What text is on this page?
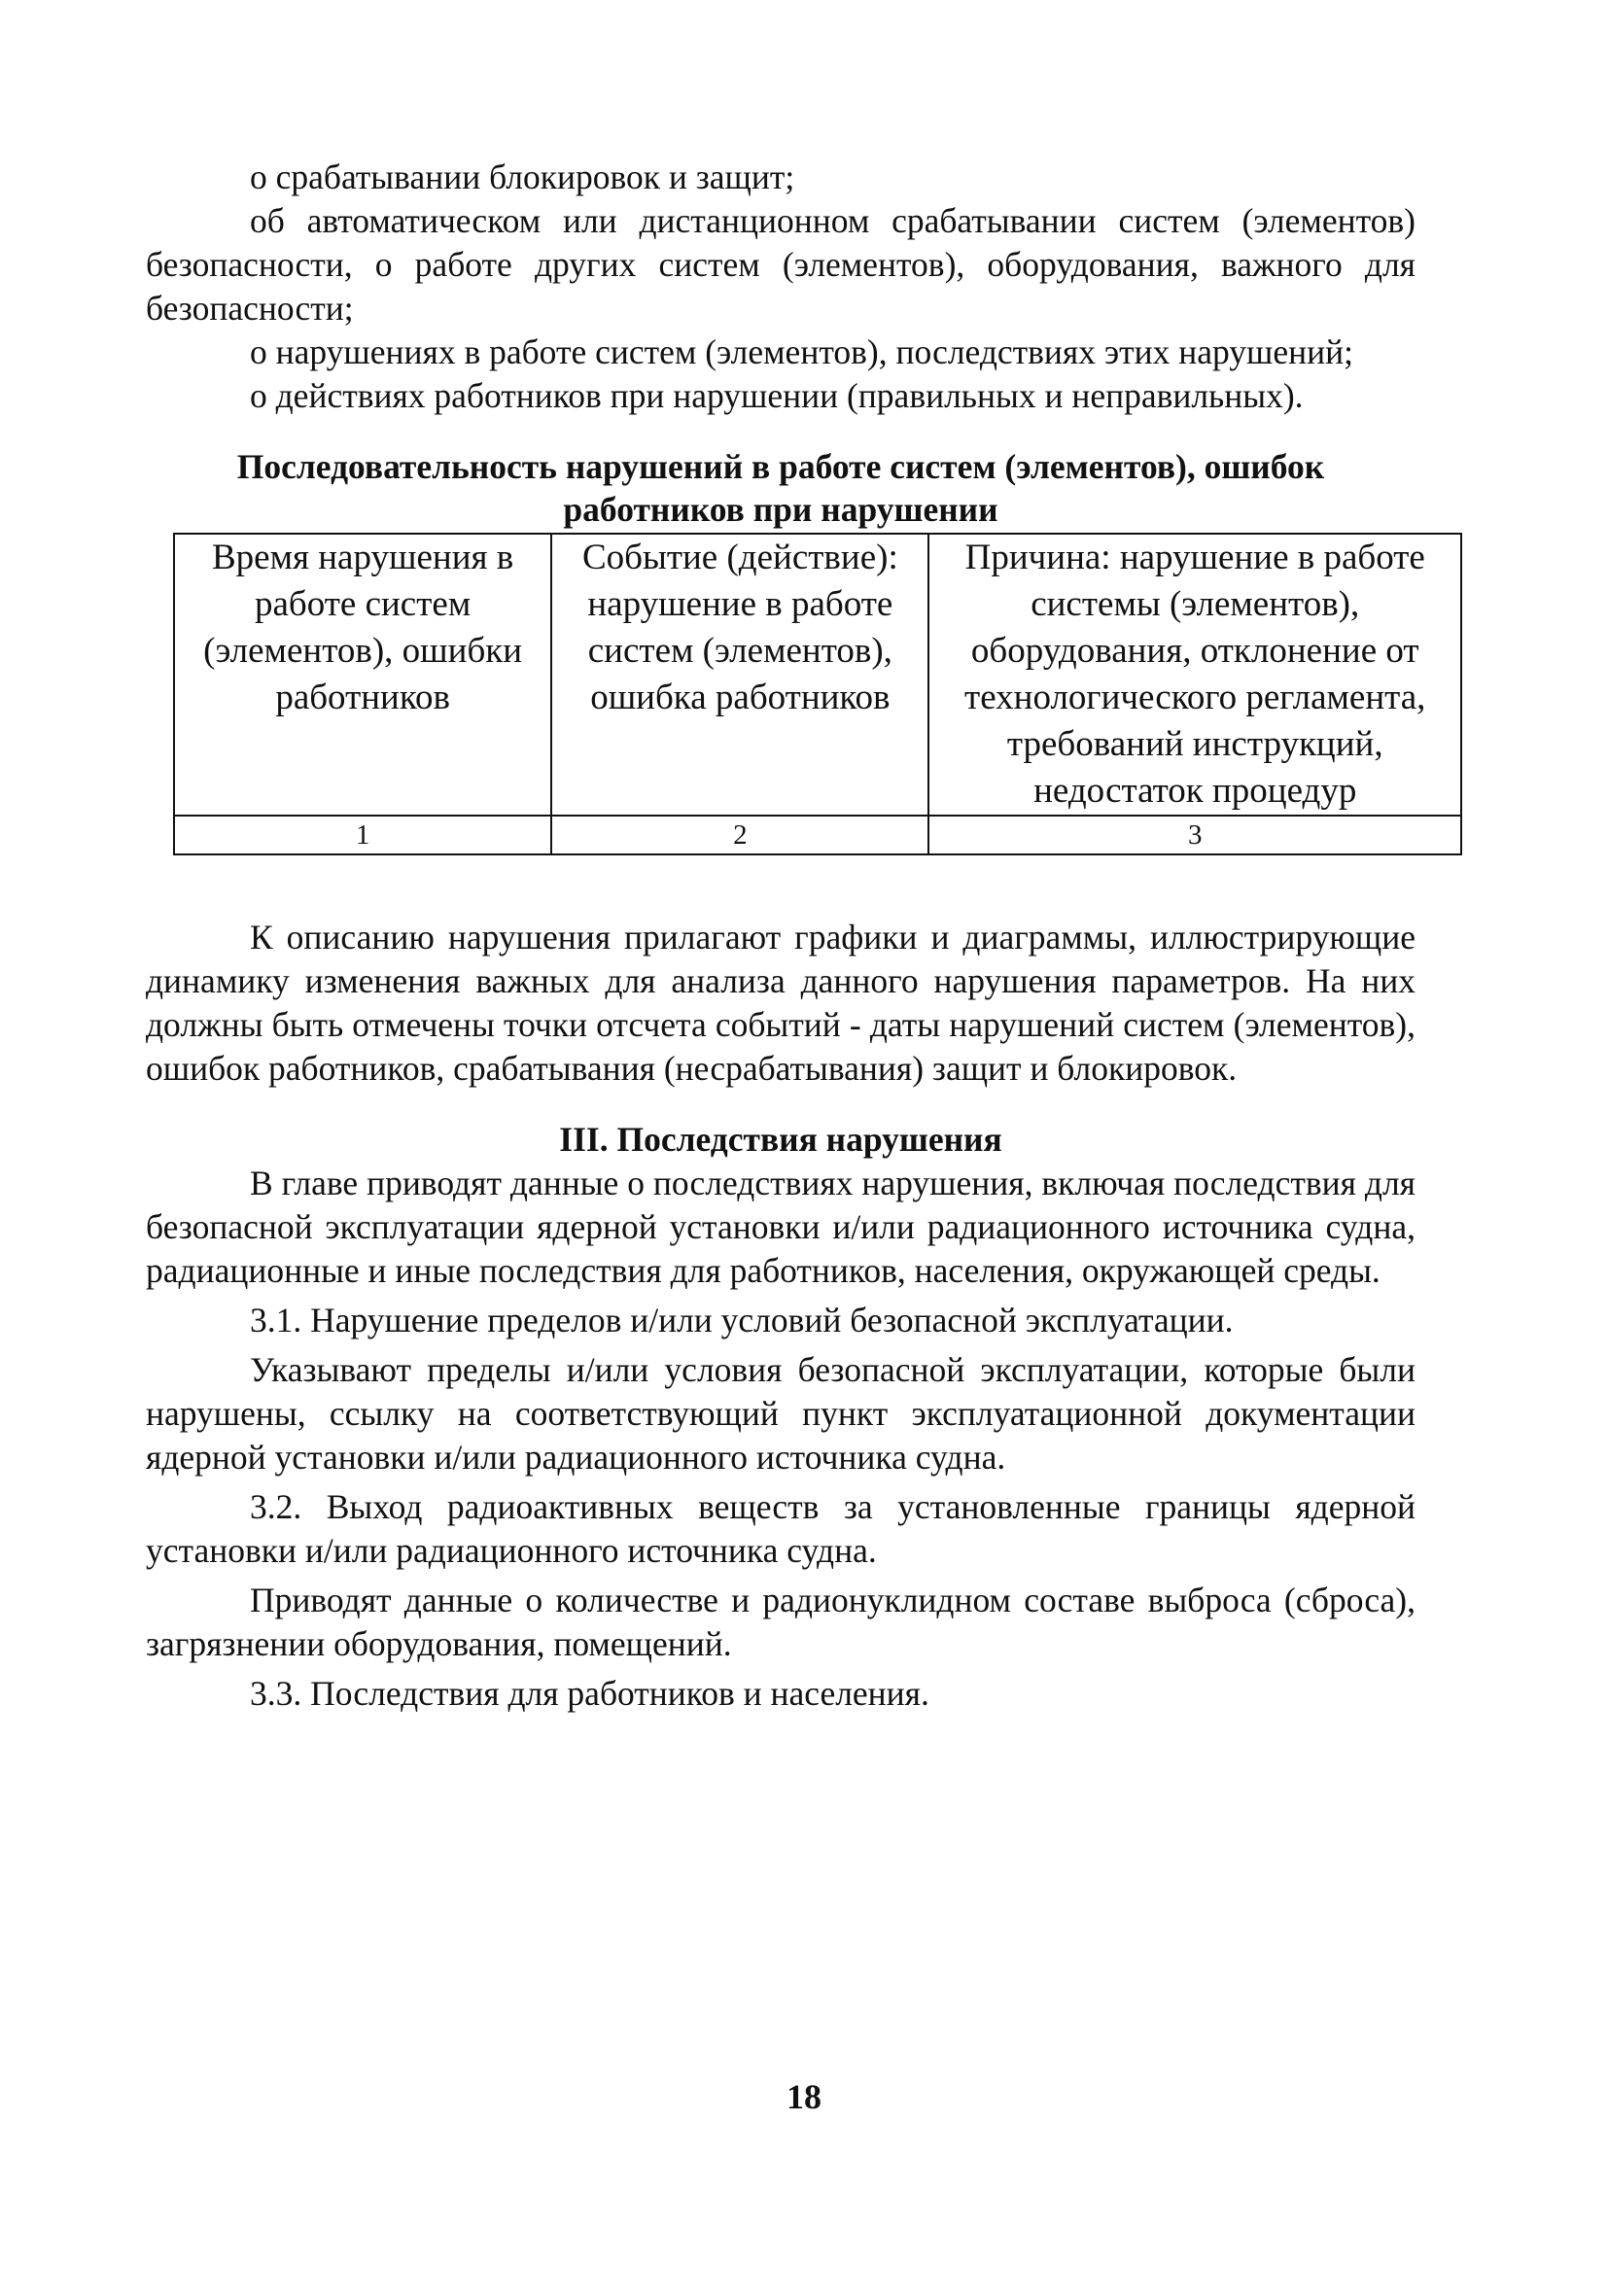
о срабатывании блокировок и защит;

об автоматическом или дистанционном срабатывании систем (элементов) безопасности, о работе других систем (элементов), оборудования, важного для безопасности;

о нарушениях в работе систем (элементов), последствиях этих нарушений;

о действиях работников при нарушении (правильных и неправильных).

Последовательность нарушений в работе систем (элементов), ошибок работников при нарушении
Время нарушения в работе систем (элементов), ошибки работников	Событие (действие): нарушение в работе систем (элементов), ошибка работников	Причина: нарушение в работе системы (элементов), оборудования, отклонение от технологического регламента, требований инструкций, недостаток процедур
1	2	3

К описанию нарушения прилагают графики и диаграммы, иллюстрирующие динамику изменения важных для анализа данного нарушения параметров. На них должны быть отмечены точки отсчета событий - даты нарушений систем (элементов), ошибок работников, срабатывания (несрабатывания) защит и блокировок.

III. Последствия нарушения

В главе приводят данные о последствиях нарушения, включая последствия для безопасной эксплуатации ядерной установки и/или радиационного источника судна, радиационные и иные последствия для работников, населения, окружающей среды.

3.1. Нарушение пределов и/или условий безопасной эксплуатации.

Указывают пределы и/или условия безопасной эксплуатации, которые были нарушены, ссылку на соответствующий пункт эксплуатационной документации ядерной установки и/или радиационного источника судна.

3.2. Выход радиоактивных веществ за установленные границы ядерной установки и/или радиационного источника судна.

Приводят данные о количестве и радионуклидном составе выброса (сброса), загрязнении оборудования, помещений.

3.3. Последствия для работников и населения.

18
